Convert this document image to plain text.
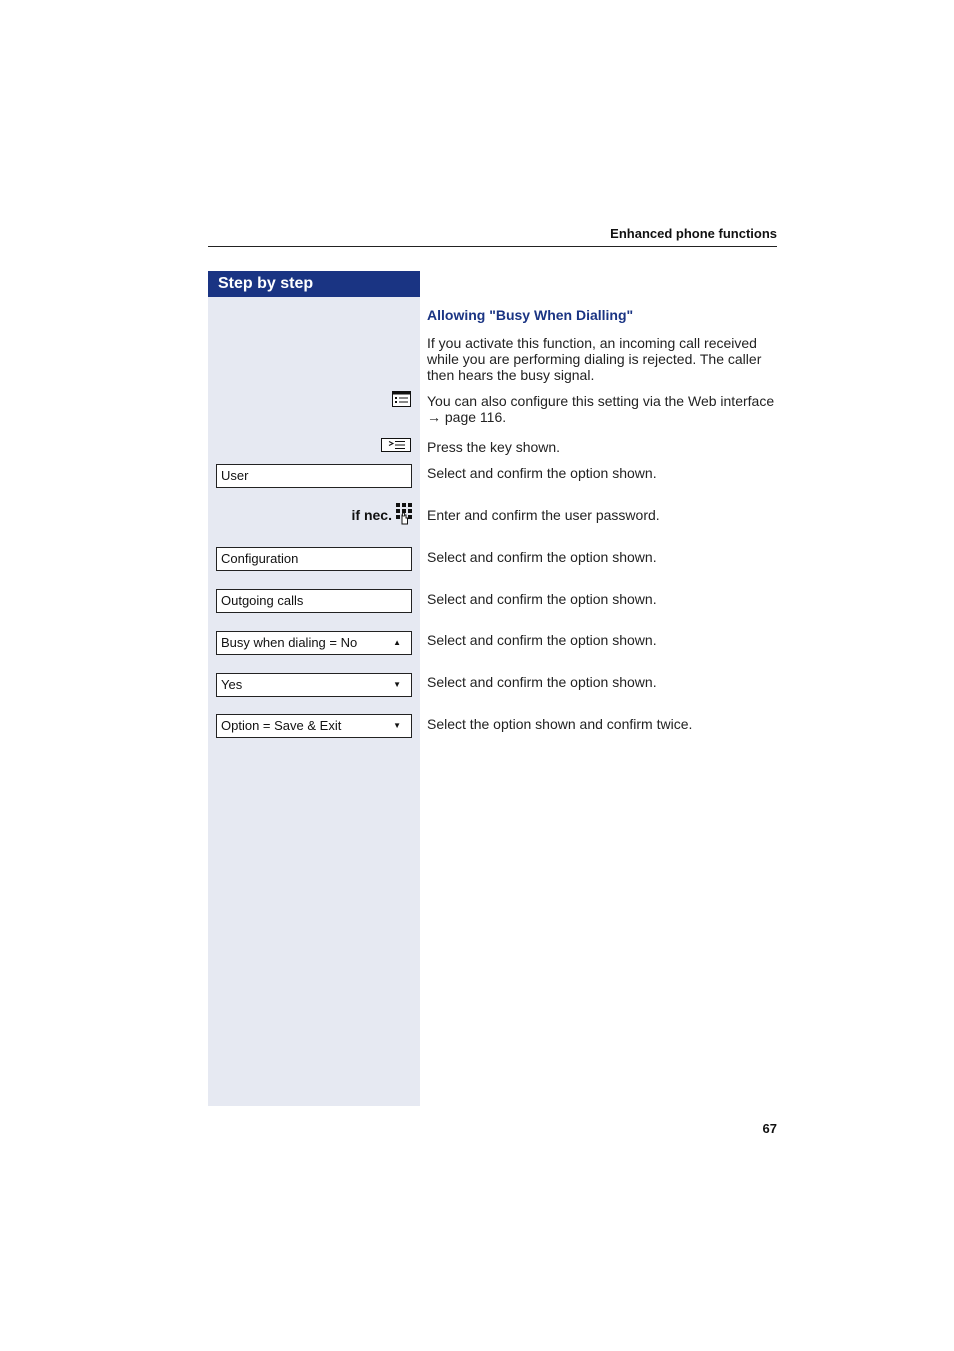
Enhanced phone functions
Step by step
Allowing "Busy When Dialling"
If you activate this function, an incoming call received while you are performing dialing is rejected. The caller then hears the busy signal.
You can also configure this setting via the Web interface
→ page 116.
Press the key shown.
User	Select and confirm the option shown.
if nec.	Enter and confirm the user password.
Configuration	Select and confirm the option shown.
Outgoing calls	Select and confirm the option shown.
Busy when dialing = No	▲ Select and confirm the option shown.
Yes	▼ Select and confirm the option shown.
Option = Save & Exit	▼ Select the option shown and confirm twice.
67
